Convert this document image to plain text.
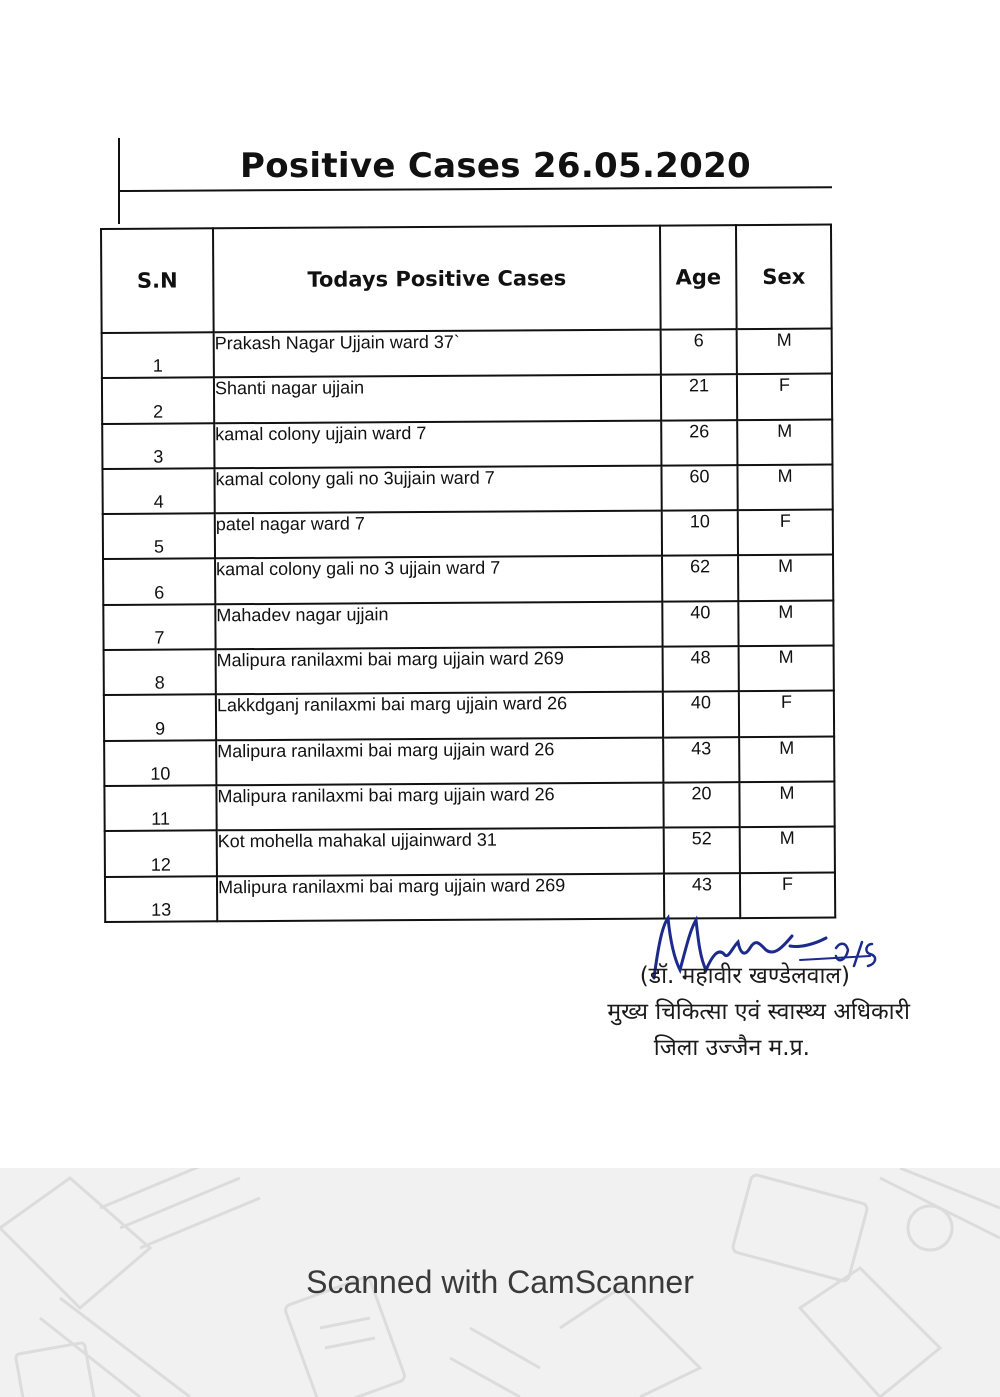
Positive Cases 26.05.2020
S.N	Todays Positive Cases	Age	Sex
1	Prakash Nagar Ujjain ward 37`	6	M
2	Shanti nagar ujjain	21	F
3	kamal colony ujjain ward 7	26	M
4	kamal colony gali no 3ujjain ward 7	60	M
5	patel nagar ward 7	10	F
6	kamal colony gali no 3 ujjain ward 7	62	M
7	Mahadev nagar ujjain	40	M
8	Malipura ranilaxmi bai marg ujjain ward 269	48	M
9	Lakkdganj ranilaxmi bai marg ujjain ward 26	40	F
10	Malipura ranilaxmi bai marg ujjain ward 26	43	M
11	Malipura ranilaxmi bai marg ujjain ward 26	20	M
12	Kot mohella mahakal ujjainward 31	52	M
13	Malipura ranilaxmi bai marg ujjain ward 269	43	F
(डॉ. महावीर खण्डेलवाल)
मुख्य चिकित्सा एवं स्वास्थ्य अधिकारी
जिला उज्जैन म.प्र.
Scanned with CamScanner
